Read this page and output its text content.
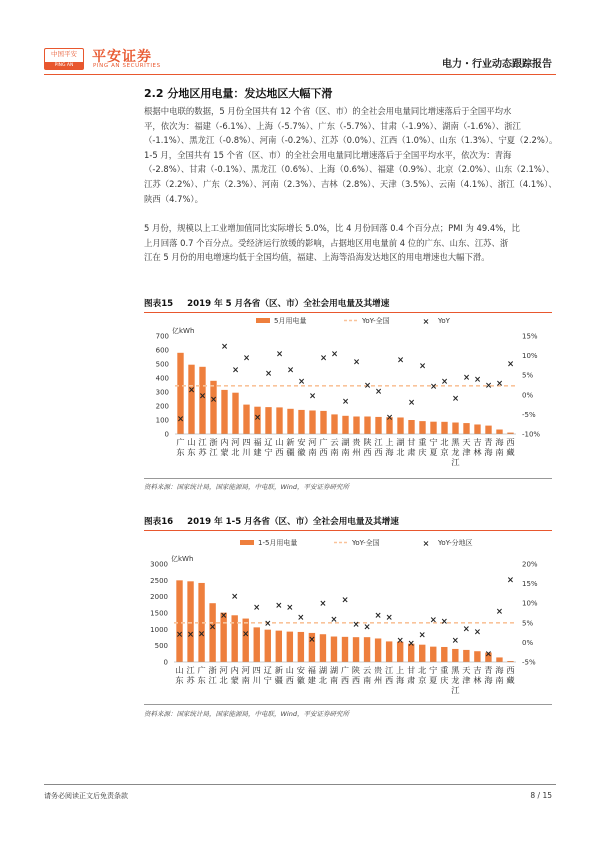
中国平安
PING AN
平安证券
PING AN SECURITIES	电力・行业动态跟踪报告
2.2 分地区用电量：发达地区大幅下滑
根据中电联的数据，5 月份全国共有 12 个省（区、市）的全社会用电量同比增速落后于全国平均水
平，依次为：福建（-6.1%）、上海（-5.7%）、广东（-5.7%）、甘肃（-1.9%）、湖南（-1.6%）、浙江
（-1.1%）、黑龙江（-0.8%）、河南（-0.2%）、江苏（0.0%）、江西（1.0%）、山东（1.3%）、宁夏（2.2%）。
1-5 月，全国共有 15 个省（区、市）的全社会用电量同比增速落后于全国平均水平，依次为：青海
（-2.8%）、甘肃（-0.1%）、黑龙江（0.6%）、上海（0.6%）、福建（0.9%）、北京（2.0%）、山东（2.1%）、
江苏（2.2%）、广东（2.3%）、河南（2.3%）、吉林（2.8%）、天津（3.5%）、云南（4.1%）、浙江（4.1%）、
陕西（4.7%）。
5 月份，规模以上工业增加值同比实际增长 5.0%，比 4 月份回落 0.4 个百分点；PMI 为 49.4%，比
上月回落 0.7 个百分点。受经济运行放缓的影响，占据地区用电量前 4 位的广东、山东、江苏、浙
江在 5 月份的用电增速均低于全国均值，福建、上海等沿海发达地区的用电增速也大幅下滑。
图表15 2019 年 5 月各省（区、市）全社会用电量及其增速
5月用电量	YoY-全国	× YoY
亿kWh
0
100
200
300
400
500
600
700
-10%
-5%
0%
5%
10%
15%
×
×
× ×
×
×
×
×
×
×
×
×
×
× ×
×
×
×
×
×
×
×
×
×
×
×
× ×
× ×
×
广东
山东
江苏
浙江
内蒙
河北
四川
福建
辽宁
山西
新疆
安徽
河南
广西
云南
湖南
贵州
陕西
江西
上海
湖北
甘肃
重庆
宁夏
北京
黑龙江
天津
吉林
青海
海南
西藏
资料来源：国家统计局，国家能源局，中电联，Wind，平安证券研究所
图表16 2019 年 1-5 月各省（区、市）全社会用电量及其增速
1-5月用电量	YoY-全国	× YoY-分地区
亿kWh
0
500
1000
1500
2000
2500
3000
-5%
0%
5%
10%
15%
20%
× × ×
×
×
×
×
×
×
× ×
×
×
×
×
×
× ×
× ×
× ×
×
× ×
×
× ×
×
×
×
山东
江苏
广东
浙江
河北
内蒙
河南
四川
辽宁
新疆
山西
安徽
福建
湖北
湖南
广西
陕西
云南
贵州
江西
上海
甘肃
北京
宁夏
重庆
黑龙江
天津
吉林
青海
海南
西藏
资料来源：国家统计局，国家能源局，中电联，Wind，平安证券研究所
请务必阅读正文后免责条款	8 / 15
